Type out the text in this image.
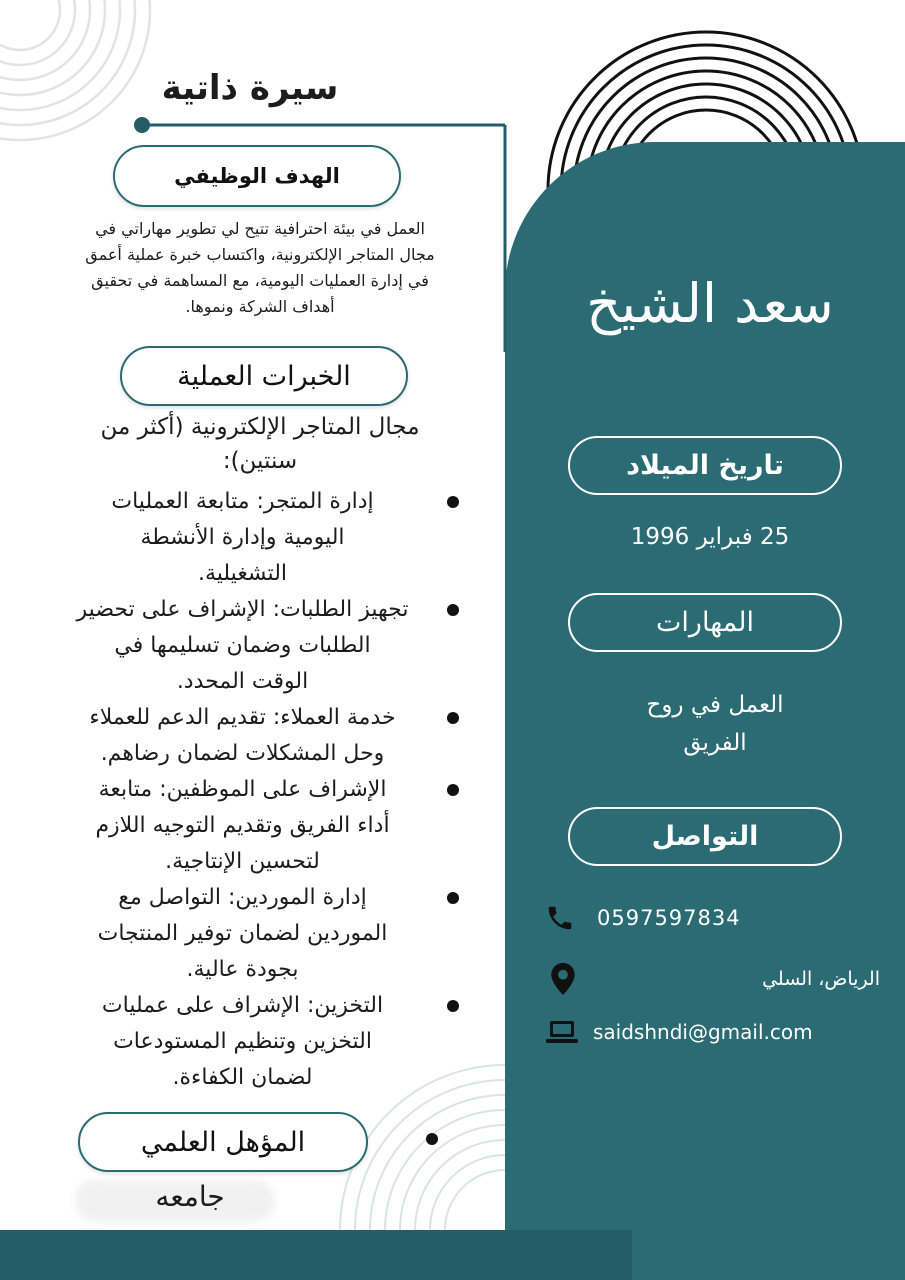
سيرة ذاتية
سعد الشيخ
الهدف الوظيفي
العمل في بيئة احترافية تتيح لي تطوير مهاراتي في
مجال المتاجر الإلكترونية، واكتساب خبرة عملية أعمق
في إدارة العمليات اليومية، مع المساهمة في تحقيق
أهداف الشركة ونموها.
الخبرات العملية
مجال المتاجر الإلكترونية (أكثر من
سنتين):
إدارة المتجر: متابعة العمليات
اليومية وإدارة الأنشطة
التشغيلية.
تجهيز الطلبات: الإشراف على تحضير
الطلبات وضمان تسليمها في
الوقت المحدد.
خدمة العملاء: تقديم الدعم للعملاء
وحل المشكلات لضمان رضاهم.
الإشراف على الموظفين: متابعة
أداء الفريق وتقديم التوجيه اللازم
لتحسين الإنتاجية.
إدارة الموردين: التواصل مع
الموردين لضمان توفير المنتجات
بجودة عالية.
التخزين: الإشراف على عمليات
التخزين وتنظيم المستودعات
لضمان الكفاءة.
المؤهل العلمي
جامعه
تاريخ الميلاد
25 فبراير 1996
المهارات
العمل في روح
الفريق
التواصل
0597597834
الرياض، السلي
saidshndi@gmail.com
